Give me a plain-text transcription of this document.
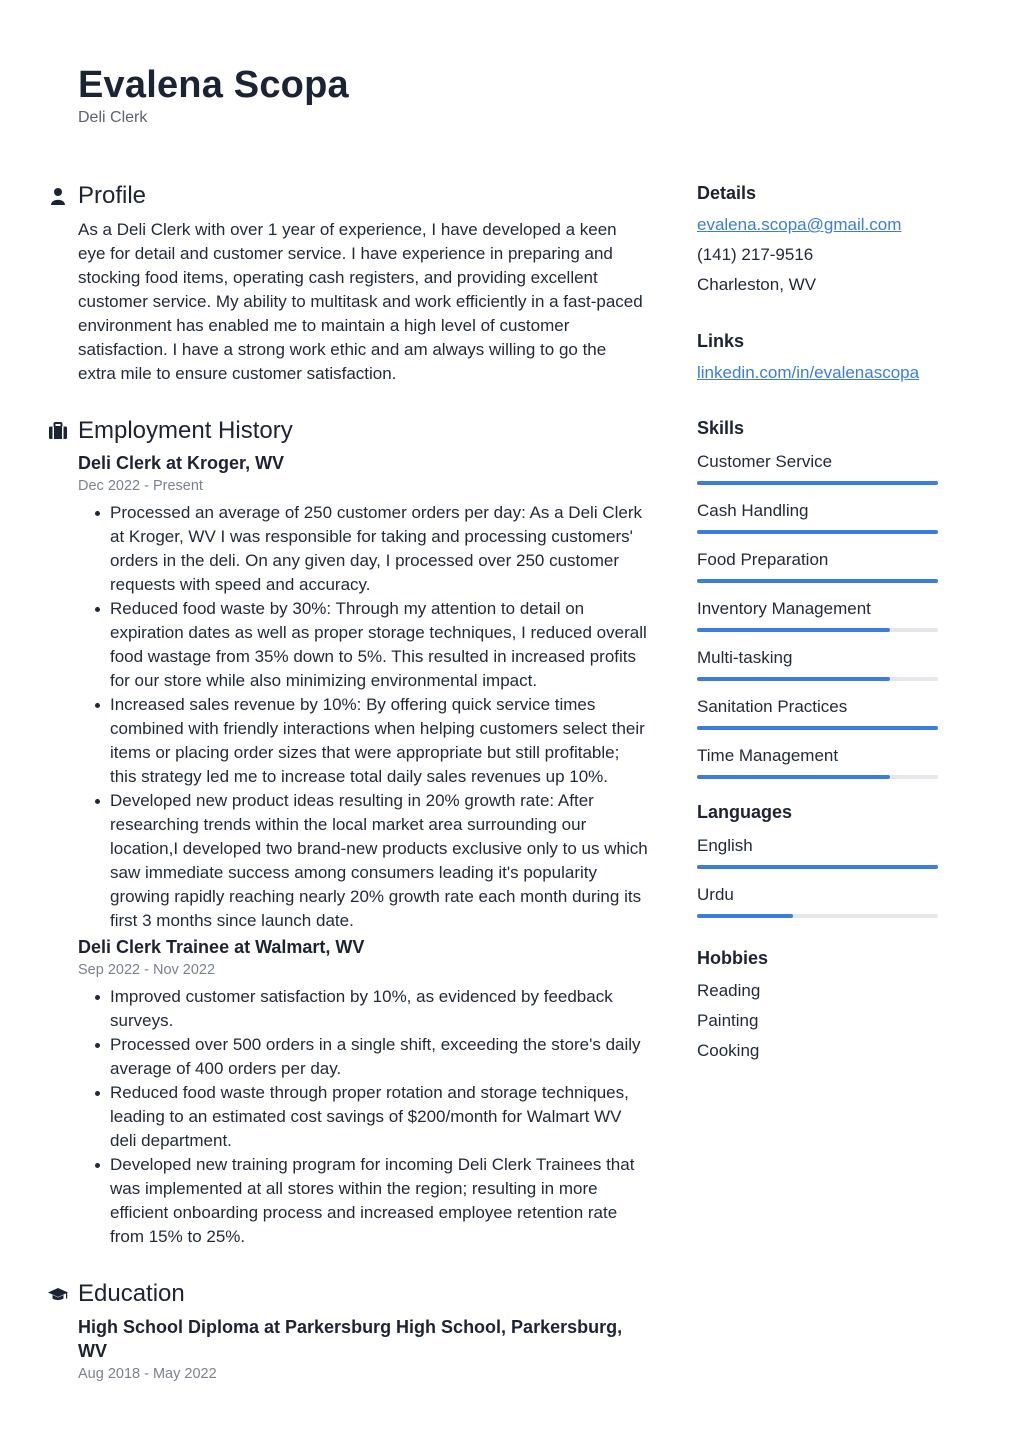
Evalena Scopa
Deli Clerk
Profile

As a Deli Clerk with over 1 year of experience, I have developed a keen eye for detail and customer service. I have experience in preparing and stocking food items, operating cash registers, and providing excellent customer service. My ability to multitask and work efficiently in a fast-paced environment has enabled me to maintain a high level of customer satisfaction. I have a strong work ethic and am always willing to go the extra mile to ensure customer satisfaction.

Employment History
Deli Clerk at Kroger, WV
Dec 2022 - Present
Processed an average of 250 customer orders per day: As a Deli Clerk at Kroger, WV I was responsible for taking and processing customers' orders in the deli. On any given day, I processed over 250 customer requests with speed and accuracy.
Reduced food waste by 30%: Through my attention to detail on expiration dates as well as proper storage techniques, I reduced overall food wastage from 35% down to 5%. This resulted in increased profits for our store while also minimizing environmental impact.
Increased sales revenue by 10%: By offering quick service times combined with friendly interactions when helping customers select their items or placing order sizes that were appropriate but still profitable; this strategy led me to increase total daily sales revenues up 10%.
Developed new product ideas resulting in 20% growth rate: After researching trends within the local market area surrounding our location,I developed two brand-new products exclusive only to us which saw immediate success among consumers leading it's popularity growing rapidly reaching nearly 20% growth rate each month during its first 3 months since launch date.
Deli Clerk Trainee at Walmart, WV
Sep 2022 - Nov 2022
Improved customer satisfaction by 10%, as evidenced by feedback surveys.
Processed over 500 orders in a single shift, exceeding the store's daily average of 400 orders per day.
Reduced food waste through proper rotation and storage techniques, leading to an estimated cost savings of $200/month for Walmart WV deli department.
Developed new training program for incoming Deli Clerk Trainees that was implemented at all stores within the region; resulting in more efficient onboarding process and increased employee retention rate from 15% to 25%.
Education
High School Diploma at Parkersburg High School, Parkersburg, WV
Aug 2018 - May 2022
Details
evalena.scopa@gmail.com
(141) 217-9516
Charleston, WV
Links
linkedin.com/in/evalenascopa
Skills
Customer Service
Cash Handling
Food Preparation
Inventory Management
Multi-tasking
Sanitation Practices
Time Management
Languages
English
Urdu
Hobbies
Reading
Painting
Cooking
